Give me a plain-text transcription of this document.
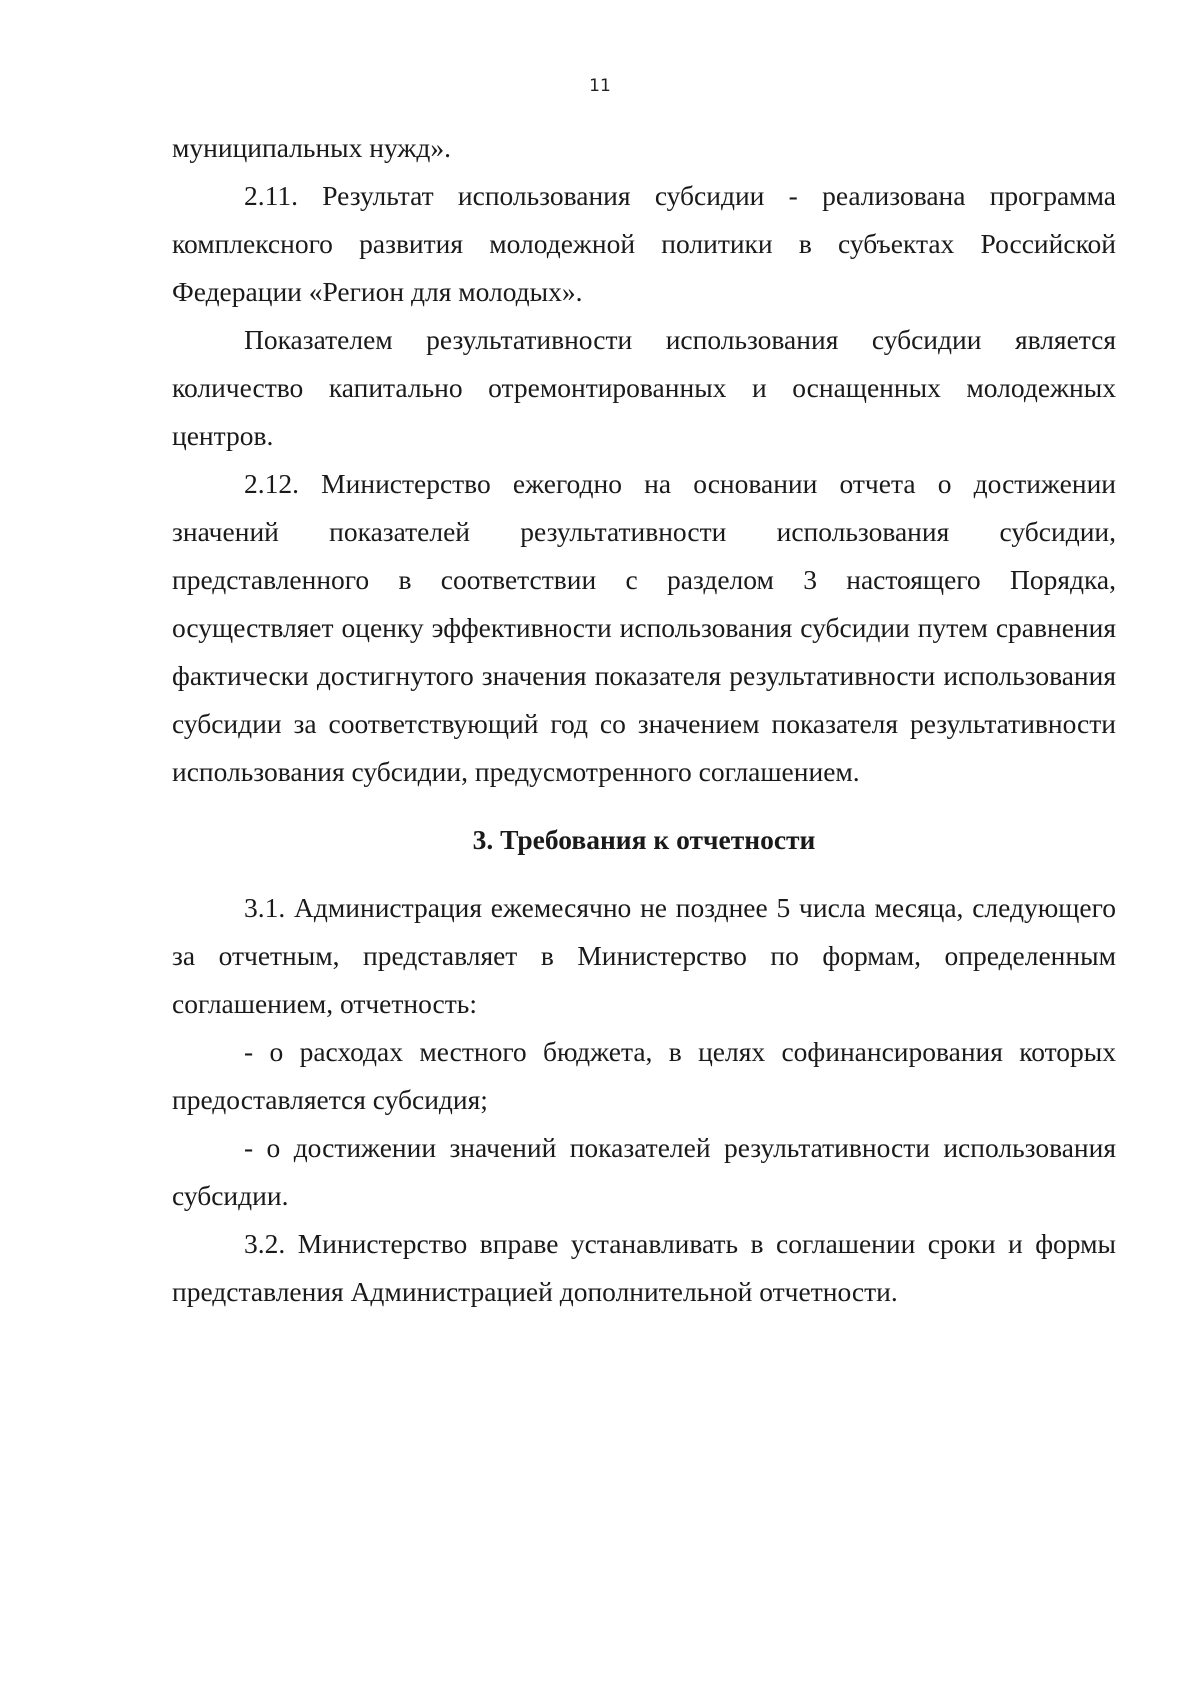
11

муниципальных нужд».

2.11. Результат использования субсидии - реализована программа комплексного развития молодежной политики в субъектах Российской Федерации «Регион для молодых».

Показателем результативности использования субсидии является количество капитально отремонтированных и оснащенных молодежных центров.

2.12. Министерство ежегодно на основании отчета о достижении значений показателей результативности использования субсидии, представленного в соответствии с разделом 3 настоящего Порядка, осуществляет оценку эффективности использования субсидии путем сравнения фактически достигнутого значения показателя результативности использования субсидии за соответствующий год со значением показателя результативности использования субсидии, предусмотренного соглашением.

3. Требования к отчетности

3.1. Администрация ежемесячно не позднее 5 числа месяца, следующего за отчетным, представляет в Министерство по формам, определенным соглашением, отчетность:

- о расходах местного бюджета, в целях софинансирования которых предоставляется субсидия;

- о достижении значений показателей результативности использования субсидии.

3.2. Министерство вправе устанавливать в соглашении сроки и формы представления Администрацией дополнительной отчетности.
